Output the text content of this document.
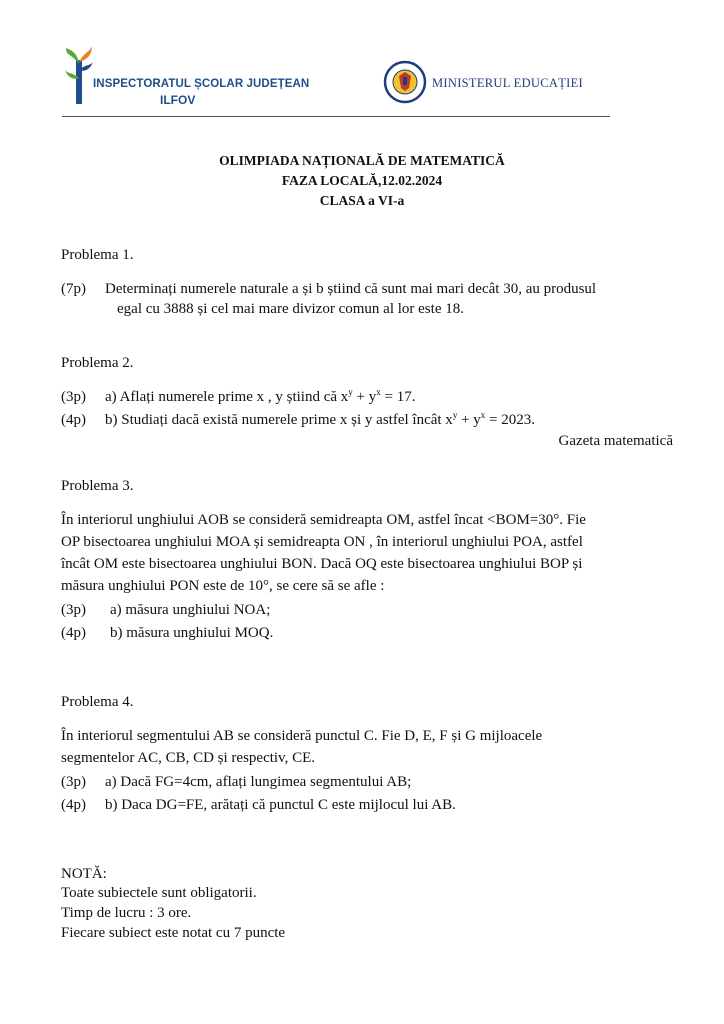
INSPECTORATUL ȘCOLAR JUDEȚEAN
ILFOV
MINISTERUL EDUCAȚIEI
OLIMPIADA NAȚIONALĂ DE MATEMATICĂ
FAZA LOCALĂ,12.02.2024
CLASA a VI-a
Problema 1.
(7p) Determinați numerele naturale a și b știind că sunt mai mari decât 30, au produsul
egal cu 3888 și cel mai mare divizor comun al lor este 18.
Problema 2.
(3p) a) Aflați numerele prime x , y știind că $x^y + y^x = 17$.
(4p) b) Studiați dacă există numerele prime x și y astfel încât $x^y + y^x = 2023$.
Gazeta matematică
Problema 3.
În interiorul unghiului AOB se consideră semidreapta OM, astfel încat <BOM=30°. Fie
OP bisectoarea unghiului MOA și semidreapta ON , în interiorul unghiului POA, astfel
încât OM este bisectoarea unghiului BON. Dacă OQ este bisectoarea unghiului BOP și
măsura unghiului PON este de 10°, se cere să se afle :
(3p) a) măsura unghiului NOA;
(4p) b) măsura unghiului MOQ.
Problema 4.
În interiorul segmentului AB se consideră punctul C. Fie D, E, F și G mijloacele
segmentelor AC, CB, CD și respectiv, CE.
(3p) a) Dacă FG=4cm, aflați lungimea segmentului AB;
(4p) b) Daca DG=FE, arătați că punctul C este mijlocul lui AB.
NOTĂ:
Toate subiectele sunt obligatorii.
Timp de lucru : 3 ore.
Fiecare subiect este notat cu 7 puncte
